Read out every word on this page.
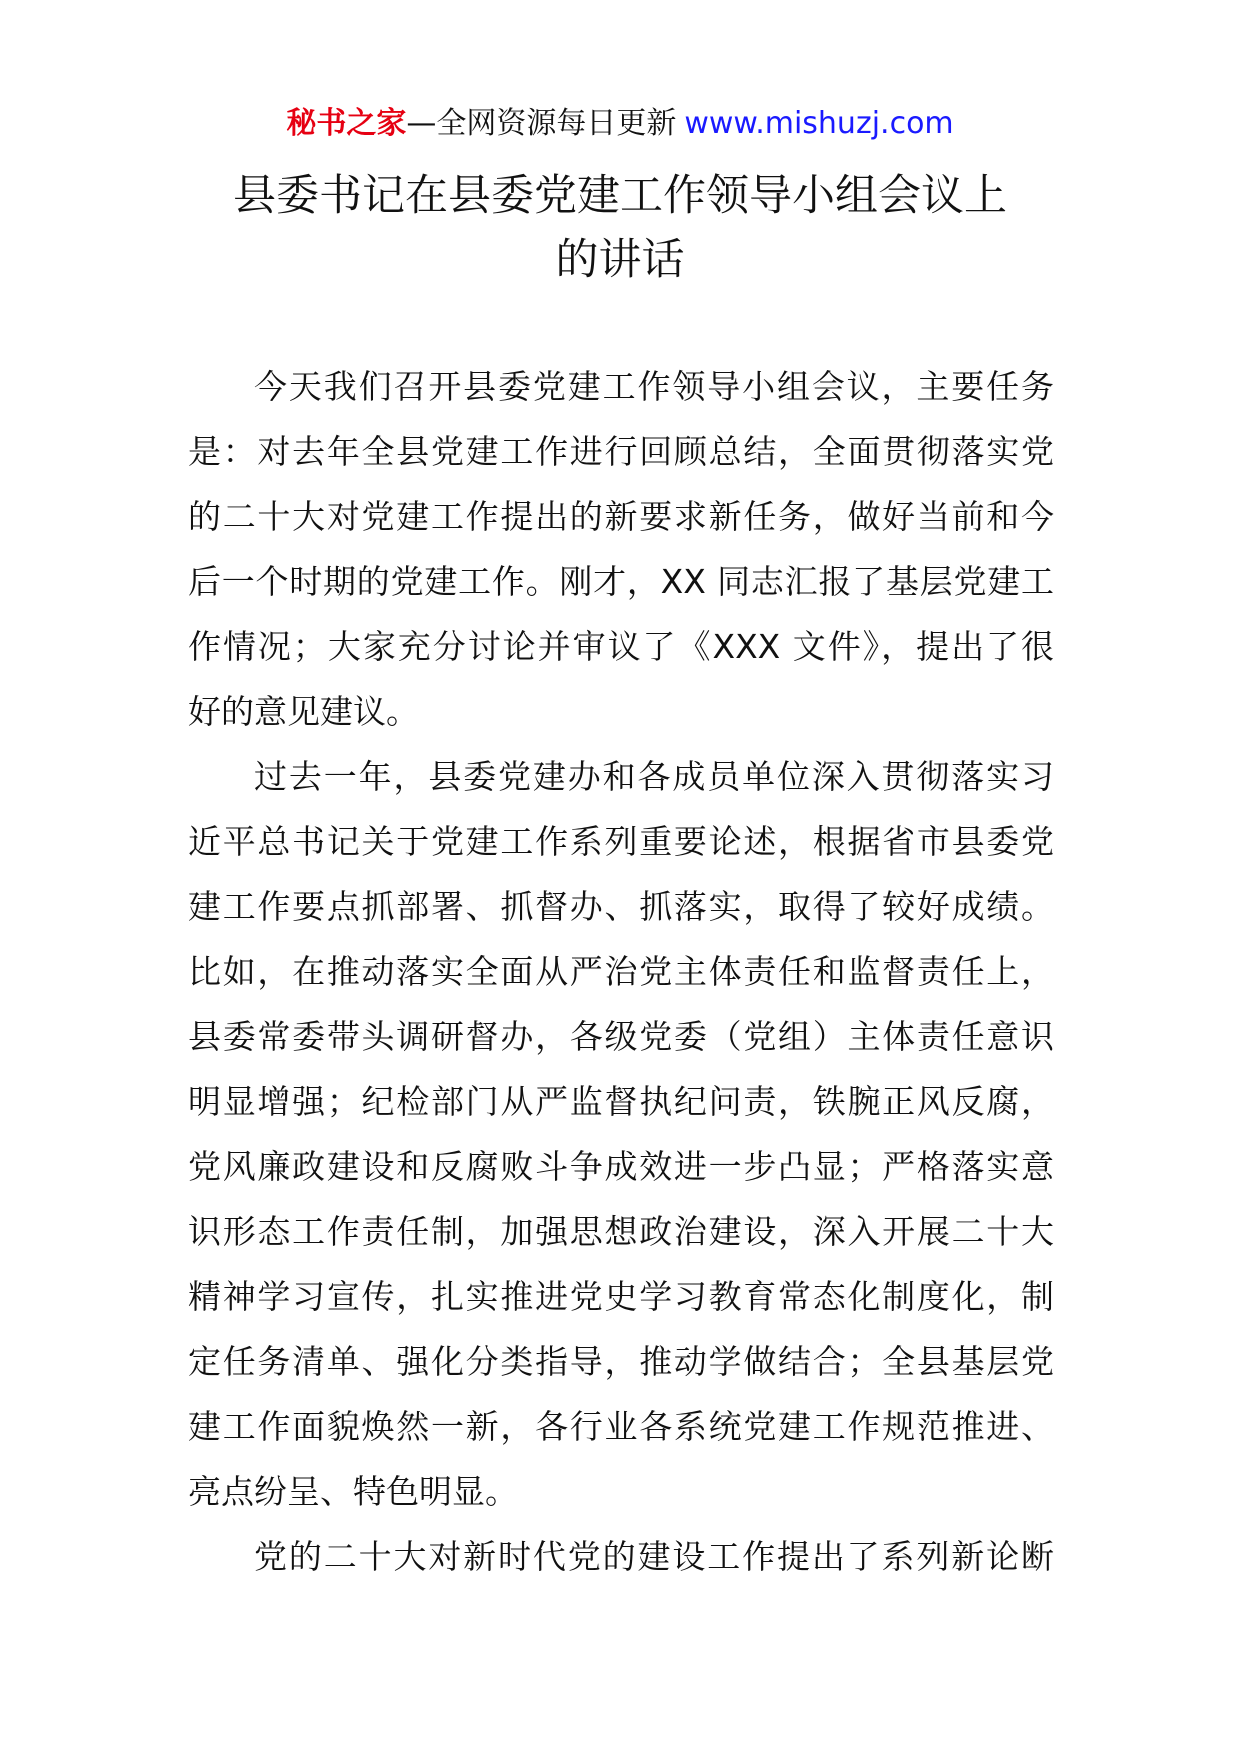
秘书之家—全网资源每日更新 www.mishuzj.com
县委书记在县委党建工作领导小组会议上
的讲话

今天我们召开县委党建工作领导小组会议，主要任务
是：对去年全县党建工作进行回顾总结，全面贯彻落实党
的二十大对党建工作提出的新要求新任务，做好当前和今
后一个时期的党建工作。刚才，XX 同志汇报了基层党建工
作情况；大家充分讨论并审议了《XXX 文件》，提出了很
好的意见建议。

过去一年，县委党建办和各成员单位深入贯彻落实习
近平总书记关于党建工作系列重要论述，根据省市县委党
建工作要点抓部署、抓督办、抓落实，取得了较好成绩。
比如，在推动落实全面从严治党主体责任和监督责任上，
县委常委带头调研督办，各级党委（党组）主体责任意识
明显增强；纪检部门从严监督执纪问责，铁腕正风反腐，
党风廉政建设和反腐败斗争成效进一步凸显；严格落实意
识形态工作责任制，加强思想政治建设，深入开展二十大
精神学习宣传，扎实推进党史学习教育常态化制度化，制
定任务清单、强化分类指导，推动学做结合；全县基层党
建工作面貌焕然一新，各行业各系统党建工作规范推进、
亮点纷呈、特色明显。

党的二十大对新时代党的建设工作提出了系列新论断
